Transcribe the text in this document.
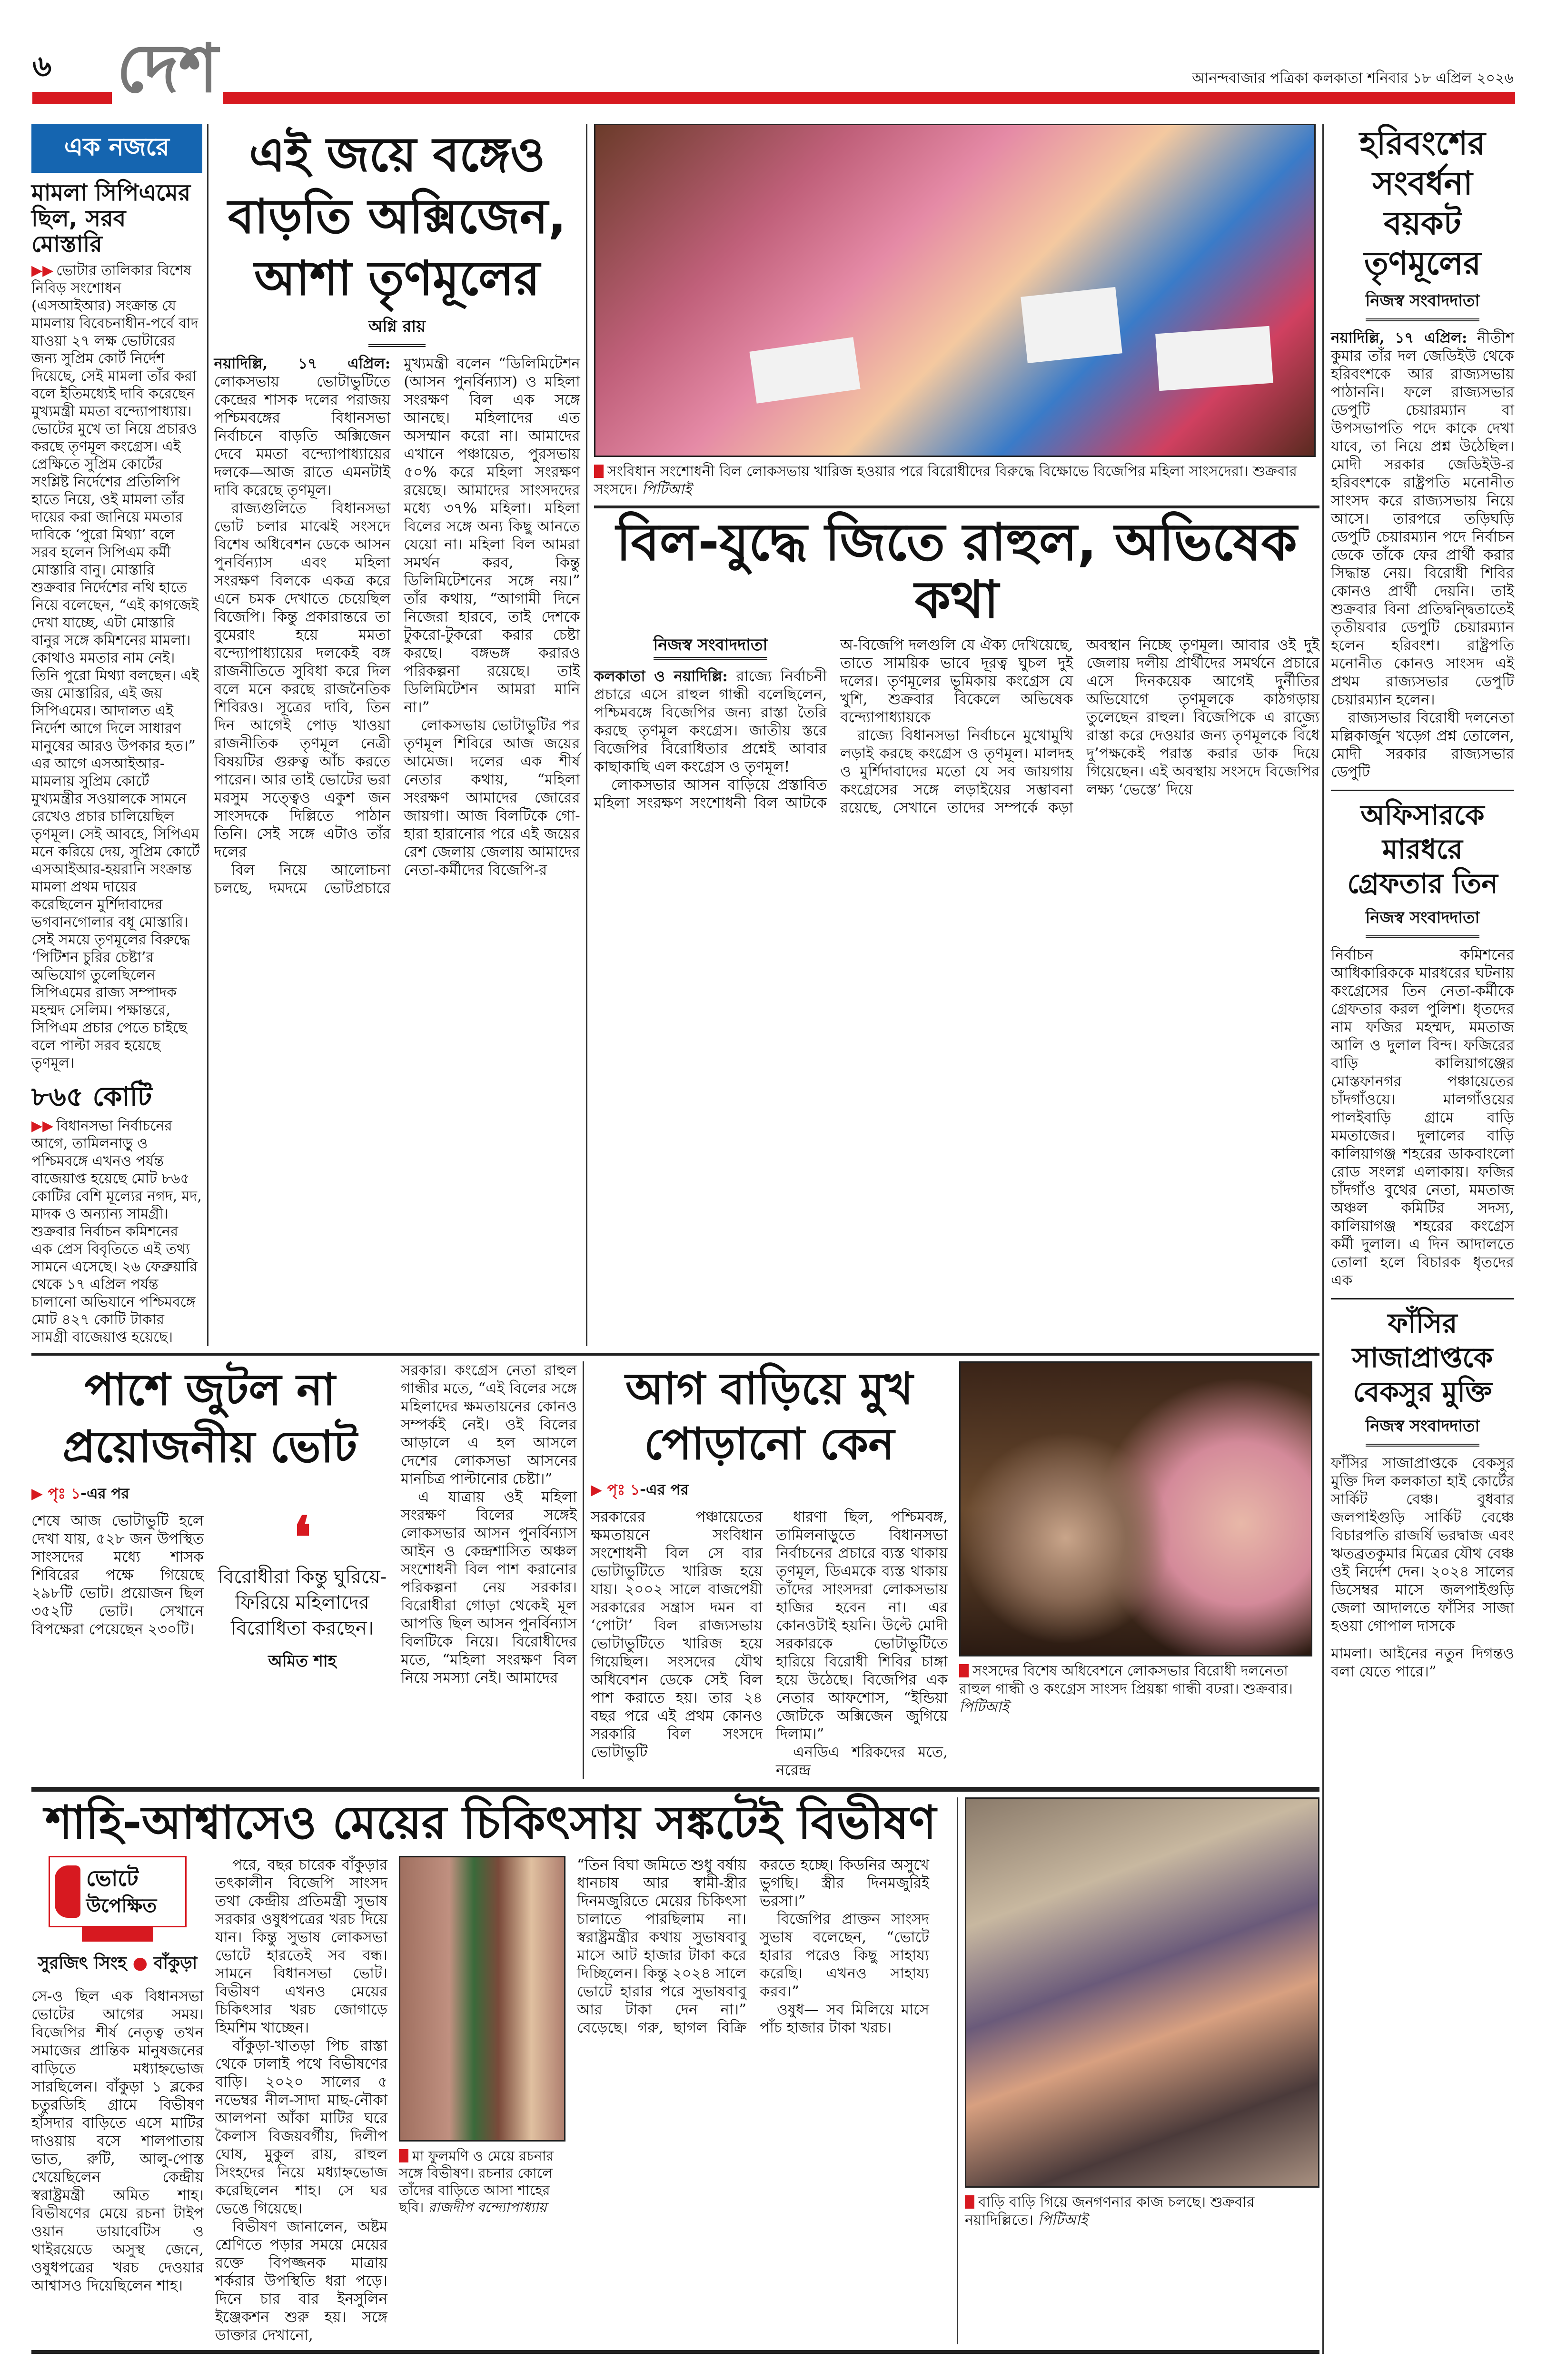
৬ দেশ	আনন্দবাজার পত্রিকা কলকাতা শনিবার ১৮ এপ্রিল ২০২৬
এক নজরে
মামলা সিপিএমের ছিল, সরব মোস্তারি
▶▶ ভোটার তালিকার বিশেষ নিবিড় সংশোধন (এসআইআর) সংক্রান্ত যে মামলায় বিবেচনাধীন-পর্বে বাদ যাওয়া ২৭ লক্ষ ভোটারের জন্য সুপ্রিম কোর্ট নির্দেশ দিয়েছে, সেই মামলা তাঁর করা বলে ইতিমধ্যেই দাবি করেছেন মুখ্যমন্ত্রী মমতা বন্দ্যোপাধ্যায়। ভোটের মুখে তা নিয়ে প্রচারও করছে তৃণমূল কংগ্রেস। এই প্রেক্ষিতে সুপ্রিম কোর্টের সংশ্লিষ্ট নির্দেশের প্রতিলিপি হাতে নিয়ে, ওই মামলা তাঁর দায়ের করা জানিয়ে মমতার দাবিকে ‘পুরো মিথ্যা’ বলে সরব হলেন সিপিএম কর্মী মোস্তারি বানু। মোস্তারি শুক্রবার নির্দেশের নথি হাতে নিয়ে বলেছেন, “এই কাগজেই দেখা যাচ্ছে, এটা মোস্তারি বানুর সঙ্গে কমিশনের মামলা। কোথাও মমতার নাম নেই। তিনি পুরো মিথ্যা বলছেন। এই জয় মোস্তারির, এই জয় সিপিএমের। আদালত এই নির্দেশ আগে দিলে সাধারণ মানুষের আরও উপকার হত।” এর আগে এসআইআর-মামলায় সুপ্রিম কোর্টে মুখ্যমন্ত্রীর সওয়ালকে সামনে রেখেও প্রচার চালিয়েছিল তৃণমূল। সেই আবহে, সিপিএম মনে করিয়ে দেয়, সুপ্রিম কোর্টে এসআইআর-হয়রানি সংক্রান্ত মামলা প্রথম দায়ের করেছিলেন মুর্শিদাবাদের ভগবানগোলার বধূ মোস্তারি। সেই সময়ে তৃণমূলের বিরুদ্ধে ‘পিটিশন চুরির চেষ্টা’র অভিযোগ তুলেছিলেন সিপিএমের রাজ্য সম্পাদক মহম্মদ সেলিম। পক্ষান্তরে, সিপিএম প্রচার পেতে চাইছে বলে পাল্টা সরব হয়েছে তৃণমূল।
৮৬৫ কোটি
▶▶ বিধানসভা নির্বাচনের আগে, তামিলনাড়ু ও পশ্চিমবঙ্গে এখনও পর্যন্ত বাজেয়াপ্ত হয়েছে মোট ৮৬৫ কোটির বেশি মূল্যের নগদ, মদ, মাদক ও অন্যান্য সামগ্রী। শুক্রবার নির্বাচন কমিশনের এক প্রেস বিবৃতিতে এই তথ্য সামনে এসেছে। ২৬ ফেব্রুয়ারি থেকে ১৭ এপ্রিল পর্যন্ত চালানো অভিযানে পশ্চিমবঙ্গে মোট ৪২৭ কোটি টাকার সামগ্রী বাজেয়াপ্ত হয়েছে।
এই জয়ে বঙ্গেও
বাড়তি অক্সিজেন,
আশা তৃণমূলের
অগ্নি রায়

নয়াদিল্লি, ১৭ এপ্রিল: লোকসভায় ভোটাভুটিতে কেন্দ্রের শাসক দলের পরাজয় পশ্চিমবঙ্গের বিধানসভা নির্বাচনে বাড়তি অক্সিজেন দেবে মমতা বন্দ্যোপাধ্যায়ের দলকে—আজ রাতে এমনটাই দাবি করেছে তৃণমূল।

রাজ্যগুলিতে বিধানসভা ভোট চলার মাঝেই সংসদে বিশেষ অধিবেশন ডেকে আসন পুনর্বিন্যাস এবং মহিলা সংরক্ষণ বিলকে একত্র করে এনে চমক দেখাতে চেয়েছিল বিজেপি। কিন্তু প্রকারান্তরে তা বুমেরাং হয়ে মমতা বন্দ্যোপাধ্যায়ের দলকেই বঙ্গ রাজনীতিতে সুবিধা করে দিল বলে মনে করছে রাজনৈতিক শিবিরও। সূত্রের দাবি, তিন দিন আগেই পোড় খাওয়া রাজনীতিক তৃণমূল নেত্রী বিষয়টির গুরুত্ব আঁচ করতে পারেন। আর তাই ভোটের ভরা মরসুম সত্ত্বেও একুশ জন সাংসদকে দিল্লিতে পাঠান তিনি। সেই সঙ্গে এটাও তাঁর দলের

বিল নিয়ে আলোচনা চলছে, দমদমে ভোটপ্রচারে মুখ্যমন্ত্রী বলেন “ডিলিমিটেশন (আসন পুনর্বিন্যাস) ও মহিলা সংরক্ষণ বিল এক সঙ্গে আনছে। মহিলাদের এত অসম্মান করো না। আমাদের এখানে পঞ্চায়েত, পুরসভায় ৫০% করে মহিলা সংরক্ষণ রয়েছে। আমাদের সাংসদদের মধ্যে ৩৭% মহিলা। মহিলা বিলের সঙ্গে অন্য কিছু আনতে যেয়ো না। মহিলা বিল আমরা সমর্থন করব, কিন্তু ডিলিমিটেশনের সঙ্গে নয়।” তাঁর কথায়, “আগামী দিনে নিজেরা হারবে, তাই দেশকে টুকরো-টুকরো করার চেষ্টা করছে। বঙ্গভঙ্গ করারও পরিকল্পনা রয়েছে। তাই ডিলিমিটেশন আমরা মানি না।”

লোকসভায় ভোটাভুটির পর তৃণমূল শিবিরে আজ জয়ের আমেজ। দলের এক শীর্ষ নেতার কথায়, “মহিলা সংরক্ষণ আমাদের জোরের জায়গা। আজ বিলটিকে গো-হারা হারানোর পরে এই জয়ের রেশ জেলায় জেলায় আমাদের নেতা-কর্মীদের বিজেপি-র

সংবিধান সংশোধনী বিল লোকসভায় খারিজ হওয়ার পরে বিরোধীদের বিরুদ্ধে বিক্ষোভে বিজেপির মহিলা সাংসদেরা। শুক্রবার সংসদে। পিটিআই
বিল-যুদ্ধে জিতে রাহুল, অভিষেক কথা
নিজস্ব সংবাদদাতা

কলকাতা ও নয়াদিল্লি: রাজ্যে নির্বাচনী প্রচারে এসে রাহুল গান্ধী বলেছিলেন, পশ্চিমবঙ্গে বিজেপির জন্য রাস্তা তৈরি করছে তৃণমূল কংগ্রেস। জাতীয় স্তরে বিজেপির বিরোধিতার প্রশ্নেই আবার কাছাকাছি এল কংগ্রেস ও তৃণমূল!

লোকসভার আসন বাড়িয়ে প্রস্তাবিত মহিলা সংরক্ষণ সংশোধনী বিল আটকে অ-বিজেপি দলগুলি যে ঐক্য দেখিয়েছে, তাতে সাময়িক ভাবে দূরত্ব ঘুচল দুই দলের। তৃণমূলের ভূমিকায় কংগ্রেস যে খুশি, শুক্রবার বিকেলে অভিষেক বন্দ্যোপাধ্যায়কে

রাজ্যে বিধানসভা নির্বাচনে মুখোমুখি লড়াই করছে কংগ্রেস ও তৃণমূল। মালদহ ও মুর্শিদাবাদের মতো যে সব জায়গায় কংগ্রেসের সঙ্গে লড়াইয়ের সম্ভাবনা রয়েছে, সেখানে তাদের সম্পর্কে কড়া অবস্থান নিচ্ছে তৃণমূল। আবার ওই দুই জেলায় দলীয় প্রার্থীদের সমর্থনে প্রচারে এসে দিনকয়েক আগেই দুর্নীতির অভিযোগে তৃণমূলকে কাঠগড়ায় তুলেছেন রাহুল। বিজেপিকে এ রাজ্যে রাস্তা করে দেওয়ার জন্য তৃণমূলকে বিঁধে দু’পক্ষকেই পরাস্ত করার ডাক দিয়ে গিয়েছেন। এই অবস্থায় সংসদে বিজেপির লক্ষ্য ‘ভেস্তে’ দিয়ে

পাশে জুটল না
প্রয়োজনীয় ভোট
▶ পৃঃ ১-এর পর

শেষে আজ ভোটাভুটি হলে দেখা যায়, ৫২৮ জন উপস্থিত সাংসদের মধ্যে শাসক শিবিরের পক্ষে গিয়েছে ২৯৮টি ভোট। প্রয়োজন ছিল ৩৫২টি ভোট। সেখানে বিপক্ষেরা পেয়েছেন ২৩০টি।

❛
বিরোধীরা কিন্তু ঘুরিয়ে-ফিরিয়ে মহিলাদের বিরোধিতা করছেন।
অমিত শাহ

সরকার। কংগ্রেস নেতা রাহুল গান্ধীর মতে, “এই বিলের সঙ্গে মহিলাদের ক্ষমতায়নের কোনও সম্পর্কই নেই। ওই বিলের আড়ালে এ হল আসলে দেশের লোকসভা আসনের মানচিত্র পাল্টানোর চেষ্টা।”

এ যাত্রায় ওই মহিলা সংরক্ষণ বিলের সঙ্গেই লোকসভার আসন পুনর্বিন্যাস আইন ও কেন্দ্রশাসিত অঞ্চল সংশোধনী বিল পাশ করানোর পরিকল্পনা নেয় সরকার। বিরোধীরা গোড়া থেকেই মূল আপত্তি ছিল আসন পুনর্বিন্যাস বিলটিকে নিয়ে। বিরোধীদের মতে, “মহিলা সংরক্ষণ বিল নিয়ে সমস্যা নেই। আমাদের

আগ বাড়িয়ে মুখ
পোড়ানো কেন
▶ পৃঃ ১-এর পর

সরকারের পঞ্চায়েতের ক্ষমতায়নে সংবিধান সংশোধনী বিল সে বার ভোটাভুটিতে খারিজ হয়ে যায়। ২০০২ সালে বাজপেয়ী সরকারের সন্ত্রাস দমন বা ‘পোটা’ বিল রাজ্যসভায় ভোটাভুটিতে খারিজ হয়ে গিয়েছিল। সংসদের যৌথ অধিবেশন ডেকে সেই বিল পাশ করাতে হয়। তার ২৪ বছর পরে এই প্রথম কোনও সরকারি বিল সংসদে ভোটাভুটি

ধারণা ছিল, পশ্চিমবঙ্গ, তামিলনাড়ুতে বিধানসভা নির্বাচনের প্রচারে ব্যস্ত থাকায় তৃণমূল, ডিএমকে ব্যস্ত থাকায় তাঁদের সাংসদরা লোকসভায় হাজির হবেন না। এর কোনওটাই হয়নি। উল্টে মোদী সরকারকে ভোটাভুটিতে হারিয়ে বিরোধী শিবির চাঙ্গা হয়ে উঠেছে। বিজেপির এক নেতার আফশোস, “ইন্ডিয়া জোটকে অক্সিজেন জুগিয়ে দিলাম।”

এনডিএ শরিকদের মতে, নরেন্দ্র

সংসদের বিশেষ অধিবেশনে লোকসভার বিরোধী দলনেতা রাহুল গান্ধী ও কংগ্রেস সাংসদ প্রিয়ঙ্কা গান্ধী বঢরা। শুক্রবার। পিটিআই
শাহি-আশ্বাসেও মেয়ের চিকিৎসায় সঙ্কটেই বিভীষণ
ভোটে
উপেক্ষিত
সুরজিৎ সিংহ ● বাঁকুড়া

সে-ও ছিল এক বিধানসভা ভোটের আগের সময়। বিজেপির শীর্ষ নেতৃত্ব তখন সমাজের প্রান্তিক মানুষজনের বাড়িতে মধ্যাহ্নভোজ সারছিলেন। বাঁকুড়া ১ ব্লকের চতুরডিহি গ্রামে বিভীষণ হাঁসদার বাড়িতে এসে মাটির দাওয়ায় বসে শালপাতায় ভাত, রুটি, আলু-পোস্ত খেয়েছিলেন কেন্দ্রীয় স্বরাষ্ট্রমন্ত্রী অমিত শাহ। বিভীষণের মেয়ে রচনা টাইপ ওয়ান ডায়াবেটিস ও থাইরয়েডে অসুস্থ জেনে, ওষুধপত্রের খরচ দেওয়ার আশ্বাসও দিয়েছিলেন শাহ।

পরে, বছর চারেক বাঁকুড়ার তৎকালীন বিজেপি সাংসদ তথা কেন্দ্রীয় প্রতিমন্ত্রী সুভাষ সরকার ওষুধপত্রের খরচ দিয়ে যান। কিন্তু সুভাষ লোকসভা ভোটে হারতেই সব বন্ধ। সামনে বিধানসভা ভোট। বিভীষণ এখনও মেয়ের চিকিৎসার খরচ জোগাড়ে হিমশিম খাচ্ছেন।

বাঁকুড়া-খাতড়া পিচ রাস্তা থেকে ঢালাই পথে বিভীষণের বাড়ি। ২০২০ সালের ৫ নভেম্বর নীল-সাদা মাছ-নৌকা আলপনা আঁকা মাটির ঘরে কৈলাস বিজয়বর্গীয়, দিলীপ ঘোষ, মুকুল রায়, রাহুল সিংহদের নিয়ে মধ্যাহ্নভোজ করেছিলেন শাহ। সে ঘর ভেঙে গিয়েছে।

বিভীষণ জানালেন, অষ্টম শ্রেণিতে পড়ার সময়ে মেয়ের রক্তে বিপজ্জনক মাত্রায় শর্করার উপস্থিতি ধরা পড়ে। দিনে চার বার ইনসুলিন ইঞ্জেকশন শুরু হয়। সঙ্গে ডাক্তার দেখানো,

মা ফুলমণি ও মেয়ে রচনার সঙ্গে বিভীষণ। রচনার কোলে তাঁদের বাড়িতে আসা শাহের ছবি। রাজদীপ বন্দ্যোপাধ্যায়

“তিন বিঘা জমিতে শুধু বর্ষায় ধানচাষ আর স্বামী-স্ত্রীর দিনমজুরিতে মেয়ের চিকিৎসা চালাতে পারছিলাম না। স্বরাষ্ট্রমন্ত্রীর কথায় সুভাষবাবু মাসে আট হাজার টাকা করে দিচ্ছিলেন। কিন্তু ২০২৪ সালে ভোটে হারার পরে সুভাষবাবু আর টাকা দেন না।” বেড়েছে। গরু, ছাগল বিক্রি করতে হচ্ছে। কিডনির অসুখে ভুগছি। স্ত্রীর দিনমজুরিই ভরসা।”

বিজেপির প্রাক্তন সাংসদ সুভাষ বলেছেন, “ভোটে হারার পরেও কিছু সাহায্য করেছি। এখনও সাহায্য করব।”

ওষুধ— সব মিলিয়ে মাসে পাঁচ হাজার টাকা খরচ।

বাড়ি বাড়ি গিয়ে জনগণনার কাজ চলছে। শুক্রবার নয়াদিল্লিতে। পিটিআই
হরিবংশের
সংবর্ধনা
বয়কট
তৃণমূলের
নিজস্ব সংবাদদাতা

নয়াদিল্লি, ১৭ এপ্রিল: নীতীশ কুমার তাঁর দল জেডিইউ থেকে হরিবংশকে আর রাজ্যসভায় পাঠাননি। ফলে রাজ্যসভার ডেপুটি চেয়ারম্যান বা উপসভাপতি পদে কাকে দেখা যাবে, তা নিয়ে প্রশ্ন উঠেছিল। মোদী সরকার জেডিইউ-র হরিবংশকে রাষ্ট্রপতি মনোনীত সাংসদ করে রাজ্যসভায় নিয়ে আসে। তারপরে তড়িঘড়ি ডেপুটি চেয়ারম্যান পদে নির্বাচন ডেকে তাঁকে ফের প্রার্থী করার সিদ্ধান্ত নেয়। বিরোধী শিবির কোনও প্রার্থী দেয়নি। তাই শুক্রবার বিনা প্রতিদ্বন্দ্বিতাতেই তৃতীয়বার ডেপুটি চেয়ারম্যান হলেন হরিবংশ। রাষ্ট্রপতি মনোনীত কোনও সাংসদ এই প্রথম রাজ্যসভার ডেপুটি চেয়ারম্যান হলেন।

রাজ্যসভার বিরোধী দলনেতা মল্লিকার্জুন খড়্গে প্রশ্ন তোলেন, মোদী সরকার রাজ্যসভার ডেপুটি

অফিসারকে
মারধরে
গ্রেফতার তিন
নিজস্ব সংবাদদাতা

নির্বাচন কমিশনের আধিকারিককে মারধরের ঘটনায় কংগ্রেসের তিন নেতা-কর্মীকে গ্রেফতার করল পুলিশ। ধৃতদের নাম ফজির মহম্মদ, মমতাজ আলি ও দুলাল বিন্দ। ফজিরের বাড়ি কালিয়াগঞ্জের মোস্তফানগর পঞ্চায়েতের চাঁদগাঁওয়ে। মালগাঁওয়ের পালইবাড়ি গ্রামে বাড়ি মমতাজের। দুলালের বাড়ি কালিয়াগঞ্জ শহরের ডাকবাংলো রোড সংলগ্ন এলাকায়। ফজির চাঁদগাঁও বুথের নেতা, মমতাজ অঞ্চল কমিটির সদস্য, কালিয়াগঞ্জ শহরের কংগ্রেস কর্মী দুলাল। এ দিন আদালতে তোলা হলে বিচারক ধৃতদের এক

ফাঁসির
সাজাপ্রাপ্তকে
বেকসুর মুক্তি
নিজস্ব সংবাদদাতা

ফাঁসির সাজাপ্রাপ্তকে বেকসুর মুক্তি দিল কলকাতা হাই কোর্টের সার্কিট বেঞ্চ। বুধবার জলপাইগুড়ি সার্কিট বেঞ্চে বিচারপতি রাজর্ষি ভরদ্বাজ এবং ঋতব্রতকুমার মিত্রের যৌথ বেঞ্চ ওই নির্দেশ দেন। ২০২৪ সালের ডিসেম্বর মাসে জলপাইগুড়ি জেলা আদালতে ফাঁসির সাজা হওয়া গোপাল দাসকে

মামলা। আইনের নতুন দিগন্তও বলা যেতে পারে।”
